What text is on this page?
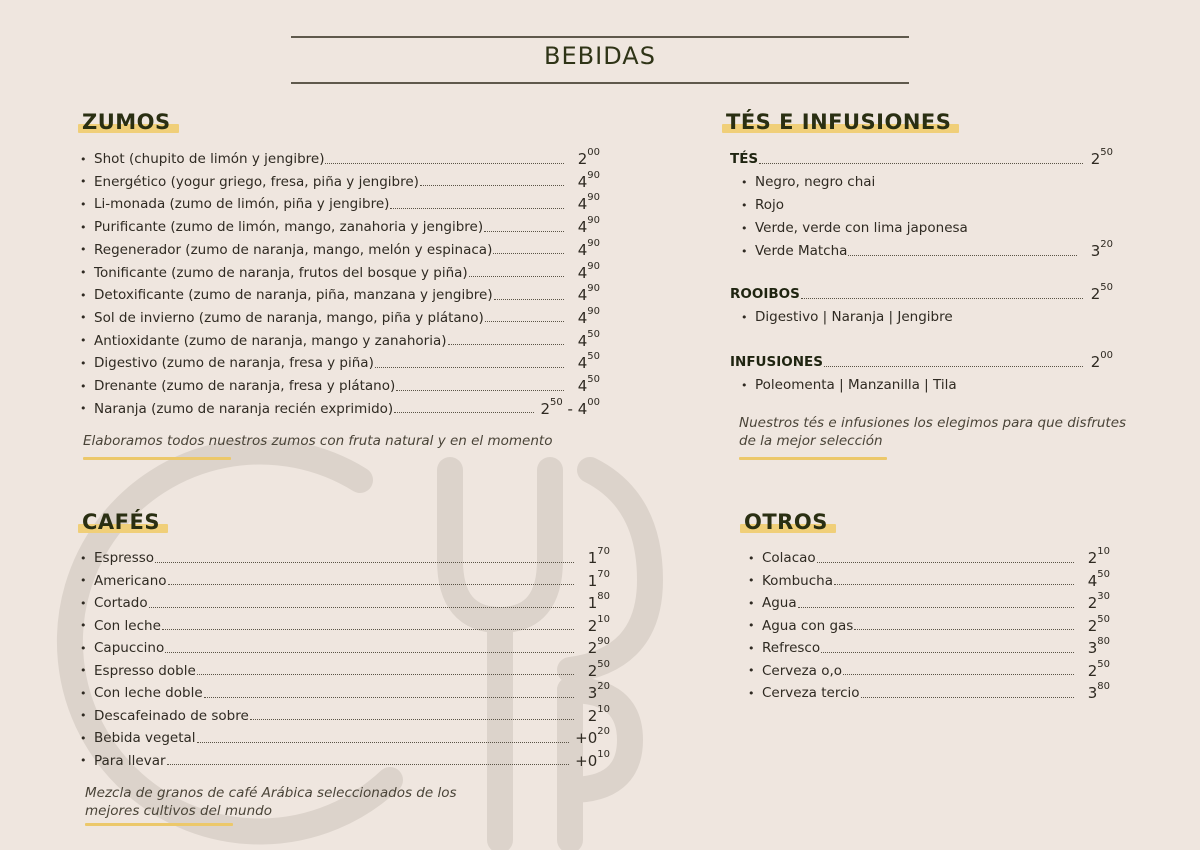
BEBIDAS
ZUMOS
• Shot (chupito de limón y jengibre)	$2^{00}$
• Energético (yogur griego, fresa, piña y jengibre)	$4^{90}$
• Li-monada (zumo de limón, piña y jengibre)	$4^{90}$
• Purificante (zumo de limón, mango, zanahoria y jengibre)	$4^{90}$
• Regenerador (zumo de naranja, mango, melón y espinaca)	$4^{90}$
• Tonificante (zumo de naranja, frutos del bosque y piña)	$4^{90}$
• Detoxificante (zumo de naranja, piña, manzana y jengibre)	$4^{90}$
• Sol de invierno (zumo de naranja, mango, piña y plátano)	$4^{90}$
• Antioxidante (zumo de naranja, mango y zanahoria)	$4^{50}$
• Digestivo (zumo de naranja, fresa y piña)	$4^{50}$
• Drenante (zumo de naranja, fresa y plátano)	$4^{50}$
• Naranja (zumo de naranja recién exprimido)	$2^{50} - 4^{00}$
Elaboramos todos nuestros zumos con fruta natural y en el momento
TÉS E INFUSIONES
TÉS	$2^{50}$
• Negro, negro chai
• Rojo
• Verde, verde con lima japonesa
• Verde Matcha	$3^{20}$
ROOIBOS	$2^{50}$
• Digestivo | Naranja | Jengibre
INFUSIONES	$2^{00}$
• Poleomenta | Manzanilla | Tila
Nuestros tés e infusiones los elegimos para que disfrutes
de la mejor selección
CAFÉS
• Espresso	$1^{70}$
• Americano	$1^{70}$
• Cortado	$1^{80}$
• Con leche	$2^{10}$
• Capuccino	$2^{90}$
• Espresso doble	$2^{50}$
• Con leche doble	$3^{20}$
• Descafeinado de sobre	$2^{10}$
• Bebida vegetal	$+0^{20}$
• Para llevar	$+0^{10}$
Mezcla de granos de café Arábica seleccionados de los
mejores cultivos del mundo
OTROS
• Colacao	$2^{10}$
• Kombucha	$4^{50}$
• Agua	$2^{30}$
• Agua con gas	$2^{50}$
• Refresco	$3^{80}$
• Cerveza o,o	$2^{50}$
• Cerveza tercio	$3^{80}$
